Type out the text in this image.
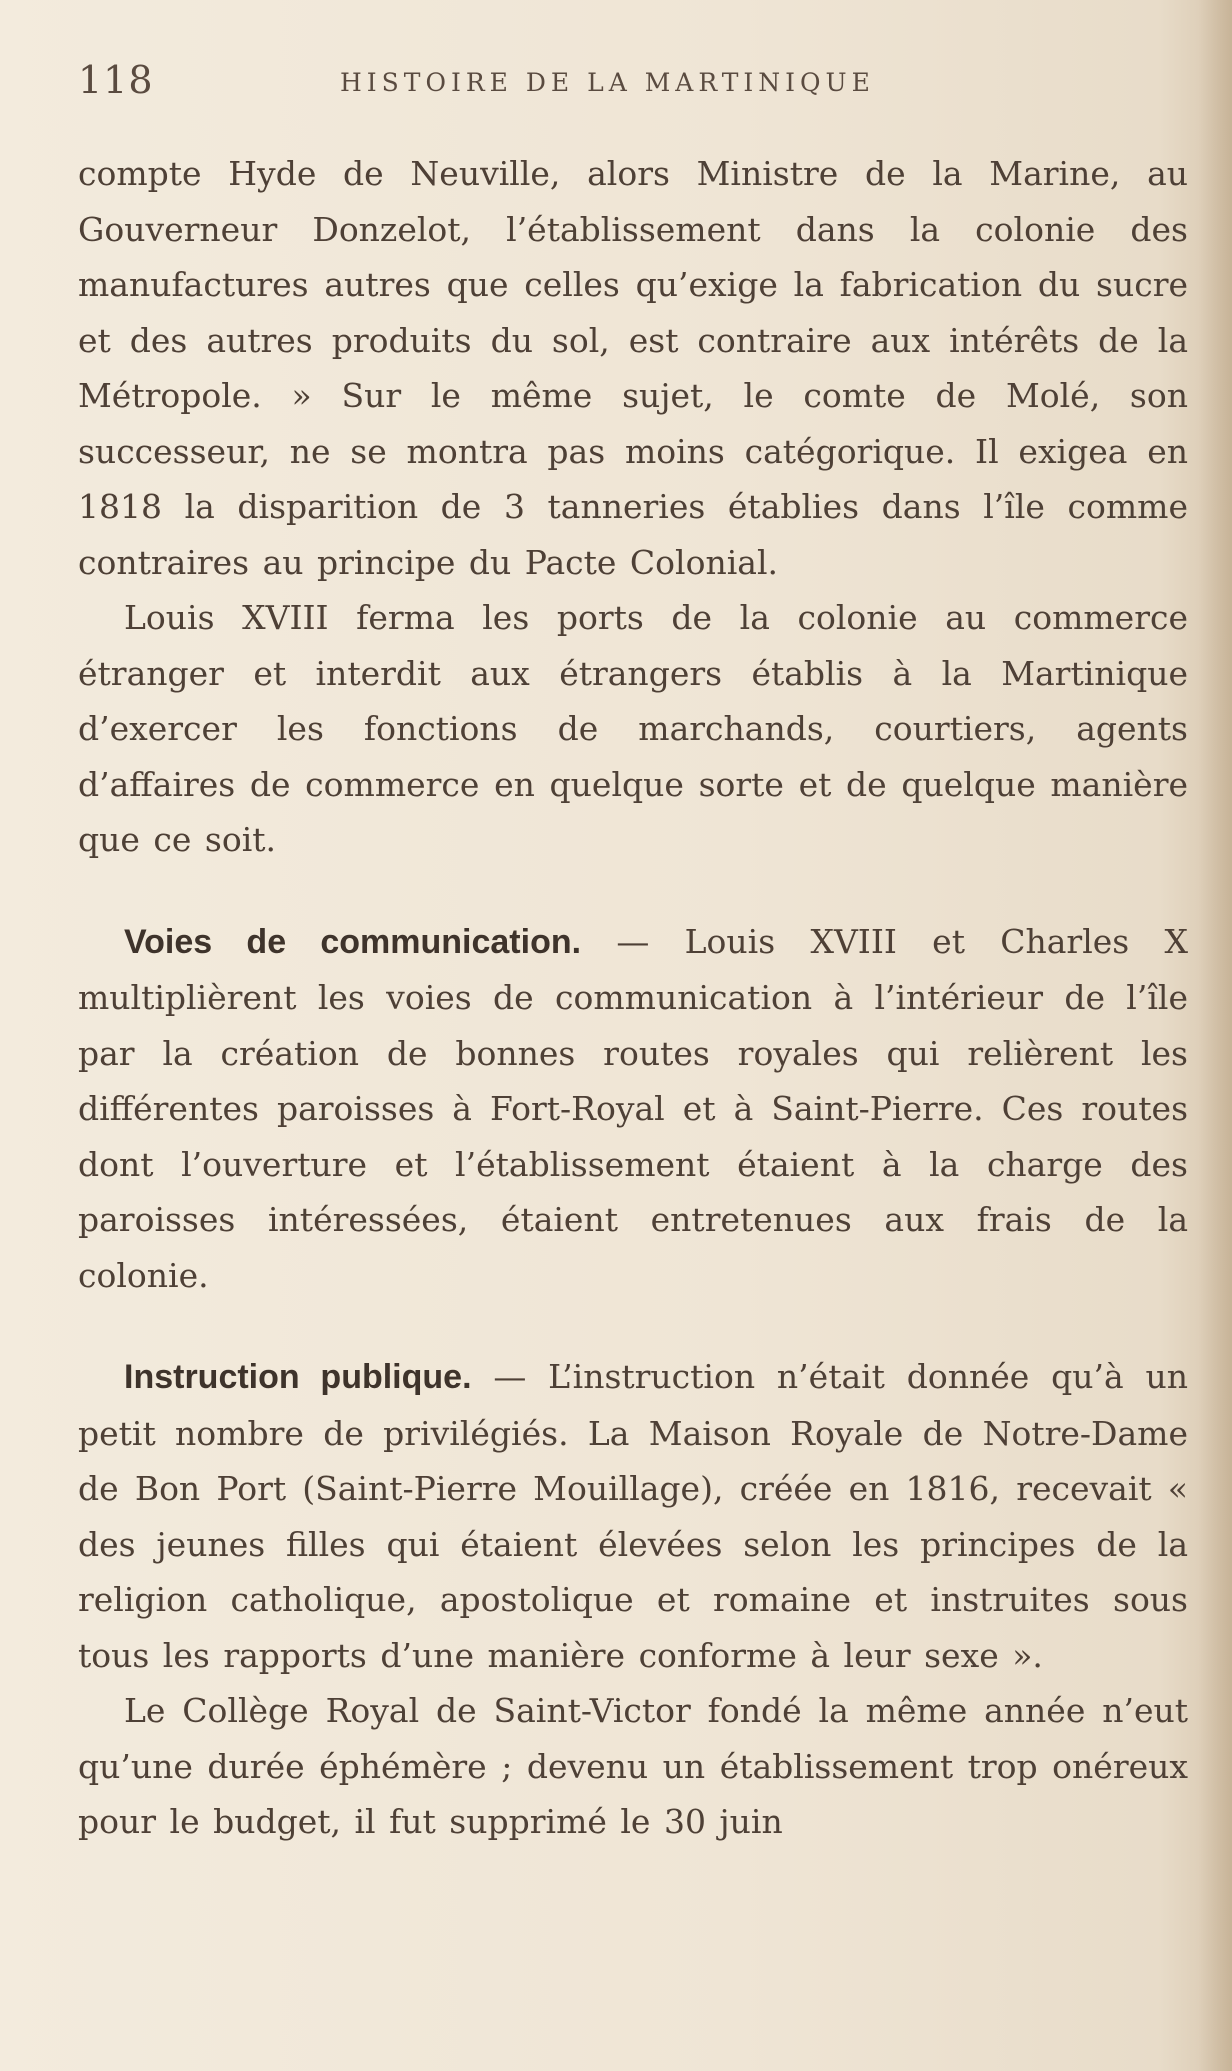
118	HISTOIRE DE LA MARTINIQUE

compte Hyde de Neuville, alors Ministre de la Marine, au Gouverneur Donzelot, l’établissement dans la colonie des manufactures autres que celles qu’exige la fabrication du sucre et des autres produits du sol, est contraire aux intérêts de la Métropole. » Sur le même sujet, le comte de Molé, son successeur, ne se montra pas moins catégorique. Il exigea en 1818 la disparition de 3 tanneries établies dans l’île comme contraires au principe du Pacte Colonial.

Louis XVIII ferma les ports de la colonie au commerce étranger et interdit aux étrangers établis à la Martinique d’exercer les fonctions de marchands, courtiers, agents d’affaires de commerce en quelque sorte et de quelque manière que ce soit.

Voies de communication. — Louis XVIII et Charles X multiplièrent les voies de communication à l’intérieur de l’île par la création de bonnes routes royales qui relièrent les différentes paroisses à Fort-Royal et à Saint-Pierre. Ces routes dont l’ouverture et l’établissement étaient à la charge des paroisses intéressées, étaient entretenues aux frais de la colonie.

Instruction publique. — L’instruction n’était donnée qu’à un petit nombre de privilégiés. La Maison Royale de Notre-Dame de Bon Port (Saint-Pierre Mouillage), créée en 1816, recevait « des jeunes filles qui étaient élevées selon les principes de la religion catholique, apostolique et romaine et instruites sous tous les rapports d’une manière conforme à leur sexe ».

Le Collège Royal de Saint-Victor fondé la même année n’eut qu’une durée éphémère ; devenu un établissement trop onéreux pour le budget, il fut supprimé le 30 juin
